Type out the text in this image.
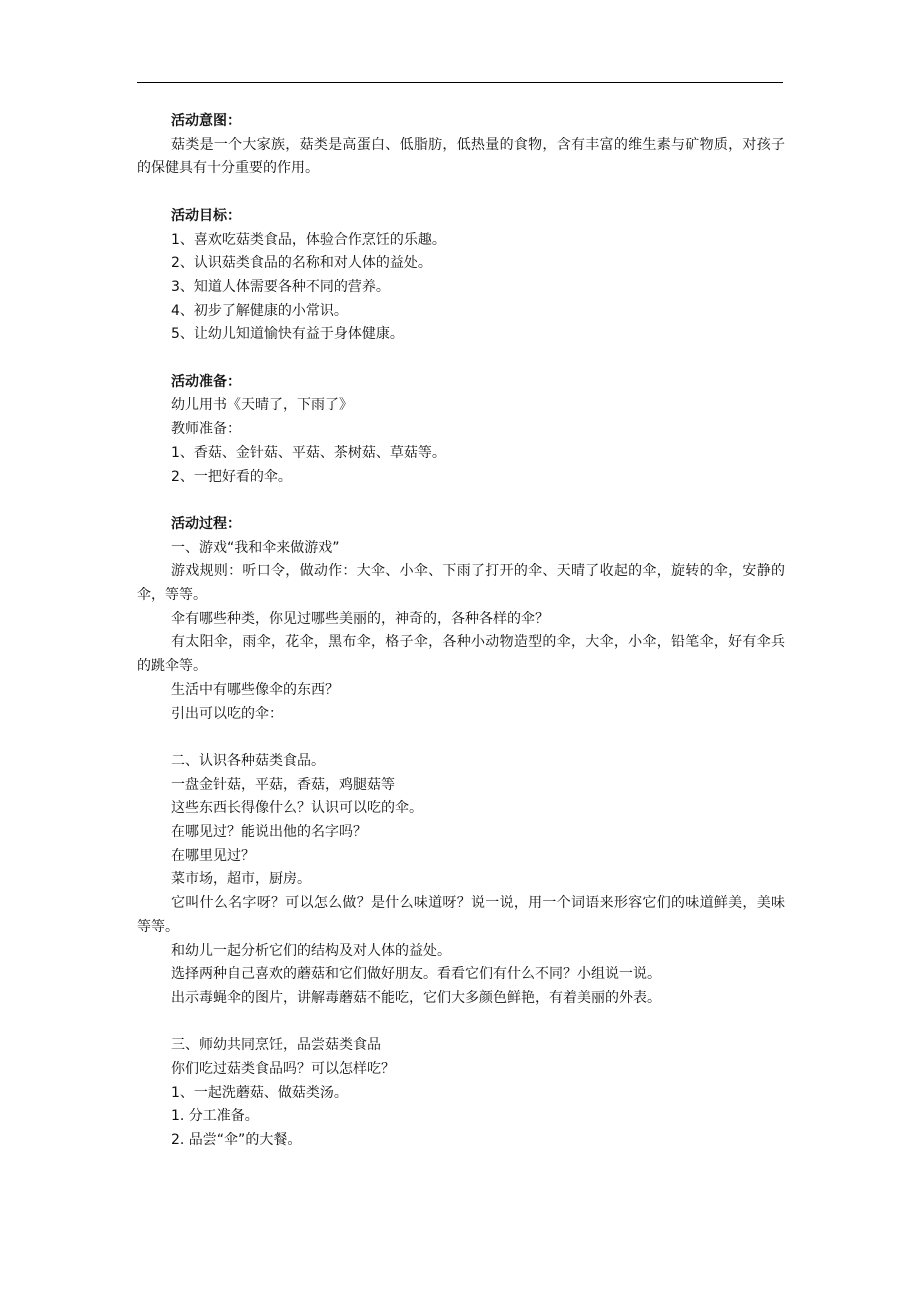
活动意图：

菇类是一个大家族，菇类是高蛋白、低脂肪，低热量的食物，含有丰富的维生素与矿物质，对孩子的保健具有十分重要的作用。

活动目标：

1、喜欢吃菇类食品，体验合作烹饪的乐趣。

2、认识菇类食品的名称和对人体的益处。

3、知道人体需要各种不同的营养。

4、初步了解健康的小常识。

5、让幼儿知道愉快有益于身体健康。

活动准备：

幼儿用书《天晴了，下雨了》

教师准备：

1、香菇、金针菇、平菇、茶树菇、草菇等。

2、一把好看的伞。

活动过程：

一、游戏“我和伞来做游戏”

游戏规则：听口令，做动作：大伞、小伞、下雨了打开的伞、天晴了收起的伞，旋转的伞，安静的伞，等等。

伞有哪些种类，你见过哪些美丽的，神奇的，各种各样的伞？

有太阳伞，雨伞，花伞，黑布伞，格子伞，各种小动物造型的伞，大伞，小伞，铅笔伞，好有伞兵的跳伞等。

生活中有哪些像伞的东西？

引出可以吃的伞：

二、认识各种菇类食品。

一盘金针菇，平菇，香菇，鸡腿菇等

这些东西长得像什么？认识可以吃的伞。

在哪见过？能说出他的名字吗？

在哪里见过？

菜市场，超市，厨房。

它叫什么名字呀？可以怎么做？是什么味道呀？说一说，用一个词语来形容它们的味道鲜美，美味等等。

和幼儿一起分析它们的结构及对人体的益处。

选择两种自己喜欢的蘑菇和它们做好朋友。看看它们有什么不同？小组说一说。

出示毒蝇伞的图片，讲解毒蘑菇不能吃，它们大多颜色鲜艳，有着美丽的外表。

三、师幼共同烹饪，品尝菇类食品

你们吃过菇类食品吗？可以怎样吃？

1、一起洗蘑菇、做菇类汤。

1. 分工准备。

2. 品尝“伞”的大餐。
